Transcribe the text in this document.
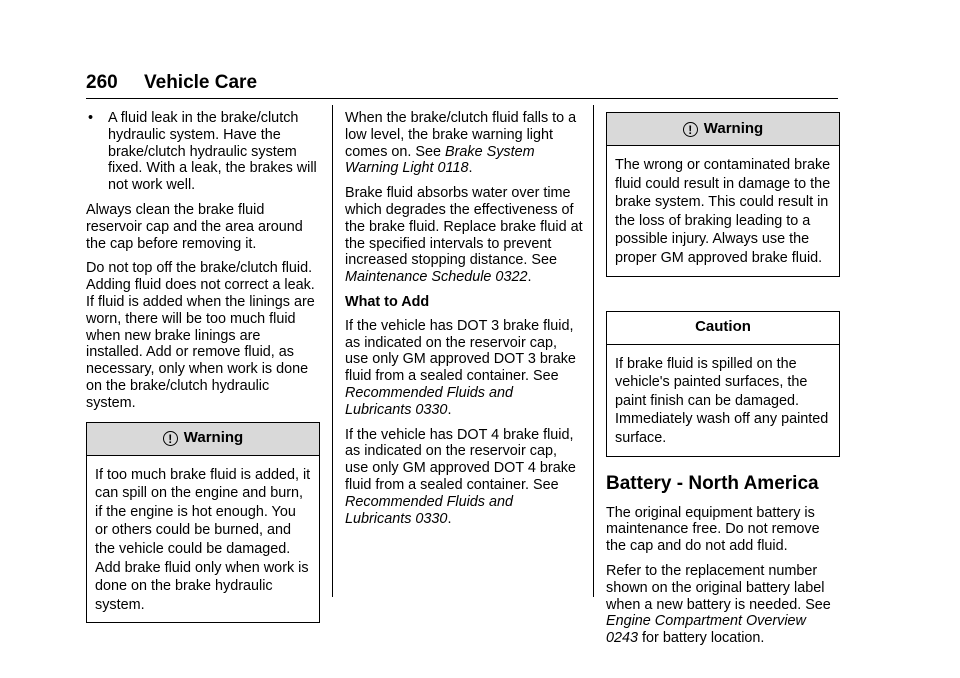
260 Vehicle Care
• A fluid leak in the brake/clutch hydraulic system. Have the brake/clutch hydraulic system fixed. With a leak, the brakes will not work well.

Always clean the brake fluid reservoir cap and the area around the cap before removing it.

Do not top off the brake/clutch fluid. Adding fluid does not correct a leak. If fluid is added when the linings are worn, there will be too much fluid when new brake linings are installed. Add or remove fluid, as necessary, only when work is done on the brake/clutch hydraulic system.

! Warning
If too much brake fluid is added, it can spill on the engine and burn, if the engine is hot enough. You or others could be burned, and the vehicle could be damaged. Add brake fluid only when work is done on the brake hydraulic system.

When the brake/clutch fluid falls to a low level, the brake warning light comes on. See Brake System Warning Light 0118.

Brake fluid absorbs water over time which degrades the effectiveness of the brake fluid. Replace brake fluid at the specified intervals to prevent increased stopping distance. See Maintenance Schedule 0322.

What to Add

If the vehicle has DOT 3 brake fluid, as indicated on the reservoir cap, use only GM approved DOT 3 brake fluid from a sealed container. See Recommended Fluids and Lubricants 0330.

If the vehicle has DOT 4 brake fluid, as indicated on the reservoir cap, use only GM approved DOT 4 brake fluid from a sealed container. See Recommended Fluids and Lubricants 0330.

! Warning
The wrong or contaminated brake fluid could result in damage to the brake system. This could result in the loss of braking leading to a possible injury. Always use the proper GM approved brake fluid.
Caution
If brake fluid is spilled on the vehicle's painted surfaces, the paint finish can be damaged. Immediately wash off any painted surface.
Battery - North America

The original equipment battery is maintenance free. Do not remove the cap and do not add fluid.

Refer to the replacement number shown on the original battery label when a new battery is needed. See Engine Compartment Overview 0243 for battery location.
